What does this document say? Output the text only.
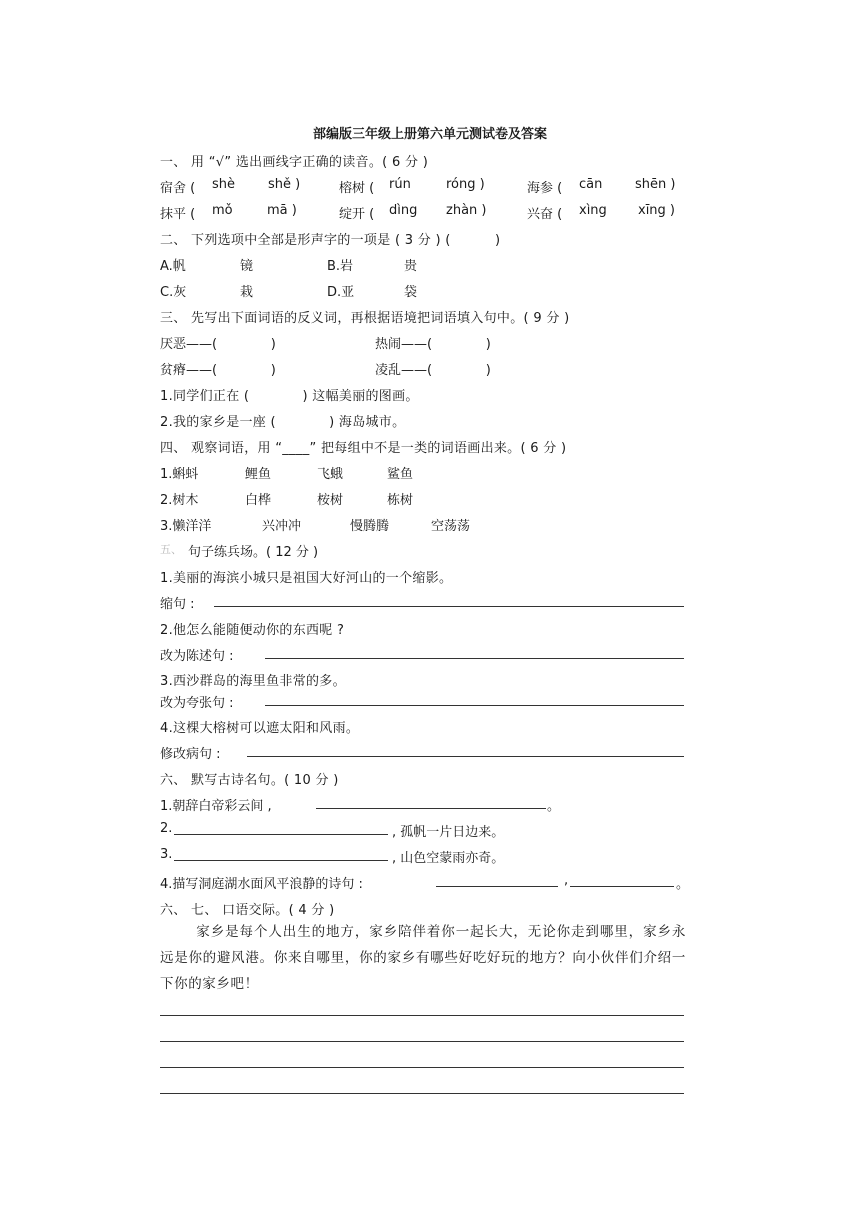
部编版三年级上册第六单元测试卷及答案
一、 用 “√” 选出画线字正确的读音。( 6 分 )
宿舍 ( shè	shě )	榕树 ( rún	róng )	海参 ( cān	shēn )
抹平 ( mǒ	mā )	绽开 ( dìng zhàn )	兴奋 ( xìng xīng )
二、 下列选项中全部是形声字的一项是 ( 3 分 ) (          )
A.帆	镜	B.岩	贵
C.灰	栽	D.亚	袋
三、 先写出下面词语的反义词，再根据语境把词语填入句中。( 9 分 )
厌恶——(             )	热闹——(             )
贫瘠——(             )	凌乱——(             )
1.同学们正在 (            ) 这幅美丽的图画。
2.我的家乡是一座 (            ) 海岛城市。
四、 观察词语，用 “____” 把每组中不是一类的词语画出来。( 6 分 )
1.蝌蚪	鲤鱼	飞蛾	鲨鱼
2.树木	白桦	桉树	栋树
3.懒洋洋	兴冲冲	慢腾腾	空荡荡
五、 句子练兵场。( 12 分 )
1.美丽的海滨小城只是祖国大好河山的一个缩影。
缩句 :
2.他怎么能随便动你的东西呢 ?
改为陈述句 :
3.西沙群岛的海里鱼非常的多。
改为夸张句 :
4.这棵大榕树可以遮太阳和风雨。
修改病句 :
六、 默写古诗名句。( 10 分 )
1.朝辞白帝彩云间 ,	。
2.	, 孤帆一片日边来。
3.	, 山色空蒙雨亦奇。
4.描写洞庭湖水面风平浪静的诗句 :	,	。
六、 七、 口语交际。( 4 分 )
家乡是每个人出生的地方，家乡陪伴着你一起长大，无论你走到哪里，家乡永远是你的避风港。你来自哪里，你的家乡有哪些好吃好玩的地方？向小伙伴们介绍一下你的家乡吧！
